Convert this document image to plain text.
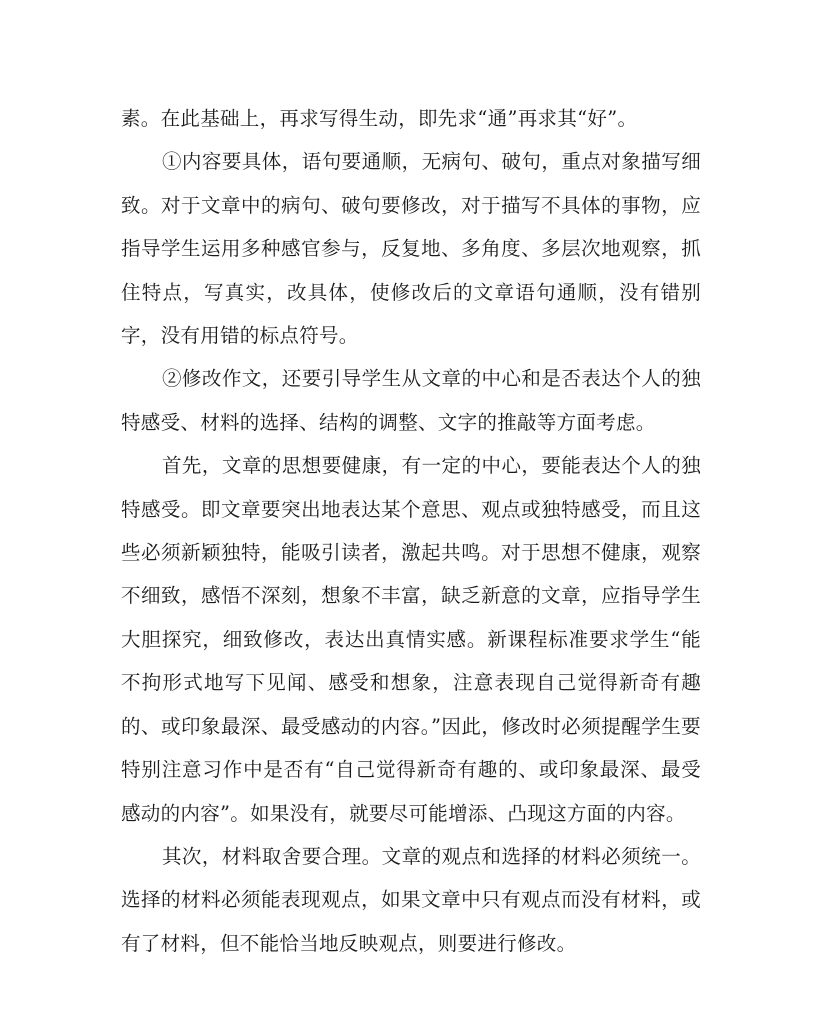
素。在此基础上，再求写得生动，即先求“通”再求其“好”。

①内容要具体，语句要通顺，无病句、破句，重点对象描写细致。对于文章中的病句、破句要修改，对于描写不具体的事物，应指导学生运用多种感官参与，反复地、多角度、多层次地观察，抓住特点，写真实，改具体，使修改后的文章语句通顺，没有错别字，没有用错的标点符号。

②修改作文，还要引导学生从文章的中心和是否表达个人的独特感受、材料的选择、结构的调整、文字的推敲等方面考虑。

首先，文章的思想要健康，有一定的中心，要能表达个人的独特感受。即文章要突出地表达某个意思、观点或独特感受，而且这些必须新颖独特，能吸引读者，激起共鸣。对于思想不健康，观察不细致，感悟不深刻，想象不丰富，缺乏新意的文章，应指导学生大胆探究，细致修改，表达出真情实感。新课程标准要求学生“能不拘形式地写下见闻、感受和想象，注意表现自己觉得新奇有趣的、或印象最深、最受感动的内容。”因此，修改时必须提醒学生要特别注意习作中是否有“自己觉得新奇有趣的、或印象最深、最受感动的内容”。如果没有，就要尽可能增添、凸现这方面的内容。

其次，材料取舍要合理。文章的观点和选择的材料必须统一。选择的材料必须能表现观点，如果文章中只有观点而没有材料，或有了材料，但不能恰当地反映观点，则要进行修改。
